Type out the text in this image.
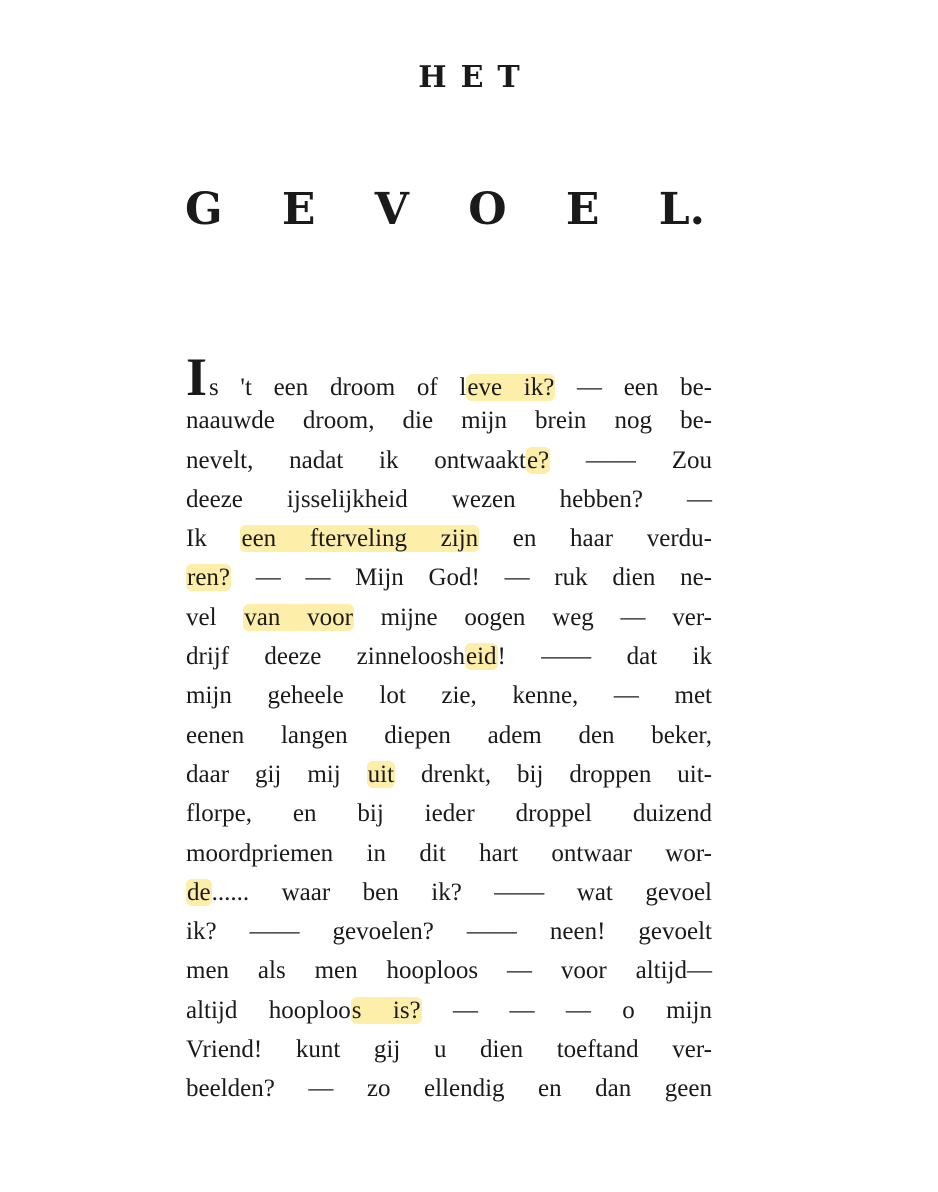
HET
G E V O E L.
Is 't een droom of leve ik? — een be-
naauwde droom, die mijn brein nog be-
nevelt, nadat ik ontwaakte? —— Zou
deeze ijsselijkheid wezen hebben? —
Ik een fterveling zijn en haar verdu-
ren? — — Mijn God! — ruk dien ne-
vel van voor mijne oogen weg — ver-
drijf deeze zinneloosheid! —— dat ik
mijn geheele lot zie, kenne, — met
eenen langen diepen adem den beker,
daar gij mij uit drenkt, bij droppen uit-
florpe, en bij ieder droppel duizend
moordpriemen in dit hart ontwaar wor-
de...... waar ben ik? —— wat gevoel
ik? —— gevoelen? —— neen! gevoelt
men als men hooploos — voor altijd—
altijd hooploos is? — — — o mijn
Vriend! kunt gij u dien toeftand ver-
beelden? — zo ellendig en dan geen
